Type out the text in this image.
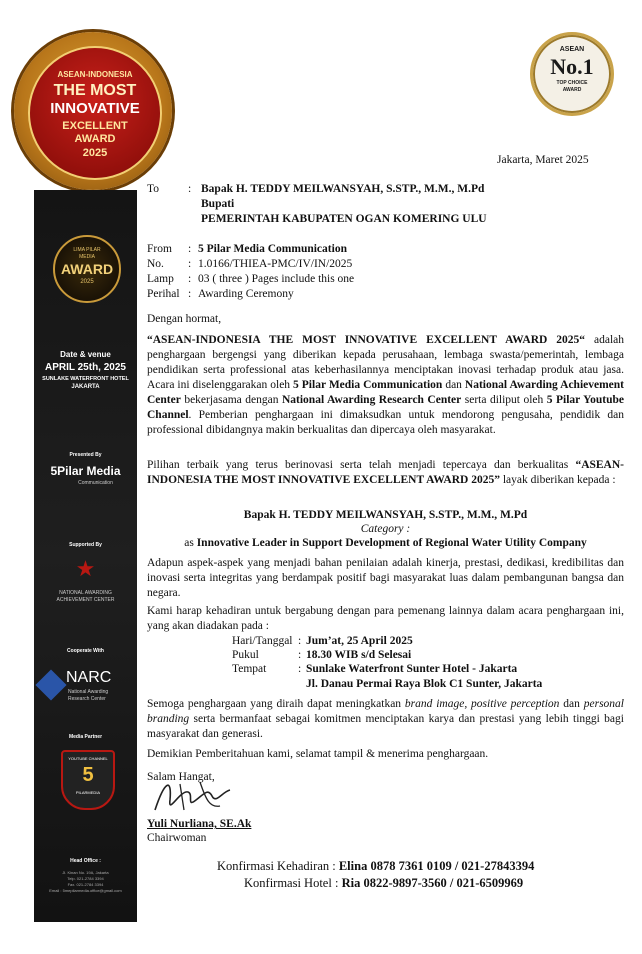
ASEAN-INDONESIA
THE MOST
INNOVATIVE
EXCELLENT
AWARD
2025
ASEAN
No.1
TOP CHOICE
AWARD
LIMA PILAR
MEDIA
AWARD
2025
Date & venue
APRIL 25th, 2025
SUNLAKE WATERFRONT HOTEL
JAKARTA
Presented By
5Pilar Media
Communication
Supported By
★
NATIONAL AWARDING
ACHIEVEMENT CENTER
Cooperate With
NARC
National Awarding
Research Center
Media Partner
YOUTUBE CHANNEL
5
PILARMEDIA
Head Office :
Jl. Kinan No. 19A, Jakarta
Telp. 021-2784 3394
Fax. 021-2784 3394
Email : 5mepilarmedia.office@gmail.com
Jakarta, Maret 2025
To	: Bapak H. TEDDY MEILWANSYAH, S.STP., M.M., M.Pd
Bupati
PEMERINTAH KABUPATEN OGAN KOMERING ULU
From : 5 Pilar Media Communication
No. : 1.0166/THIEA-PMC/IV/IN/2025
Lamp : 03 ( three ) Pages include this one
Perihal : Awarding Ceremony
Dengan hormat,
“ASEAN-INDONESIA THE MOST INNOVATIVE EXCELLENT AWARD 2025“ adalah penghargaan bergengsi yang diberikan kepada perusahaan, lembaga swasta/pemerintah, lembaga pendidikan serta professional atas keberhasilannya menciptakan inovasi terhadap produk atau jasa. Acara ini diselenggarakan oleh 5 Pilar Media Communication dan National Awarding Achievement Center bekerjasama dengan National Awarding Research Center serta diliput oleh 5 Pilar Youtube Channel. Pemberian penghargaan ini dimaksudkan untuk mendorong pengusaha, pendidik dan professional dibidangnya makin berkualitas dan dipercaya oleh masyarakat.
Pilihan terbaik yang terus berinovasi serta telah menjadi tepercaya dan berkualitas “ASEAN-INDONESIA THE MOST INNOVATIVE EXCELLENT AWARD 2025” layak diberikan kepada :
Bapak H. TEDDY MEILWANSYAH, S.STP., M.M., M.Pd
Category :
as Innovative Leader in Support Development of Regional Water Utility Company
Adapun aspek-aspek yang menjadi bahan penilaian adalah kinerja, prestasi, dedikasi, kredibilitas dan inovasi serta integritas yang berdampak positif bagi masyarakat luas dalam pembangunan bangsa dan negara.
Kami harap kehadiran untuk bergabung dengan para pemenang lainnya dalam acara penghargaan ini, yang akan diadakan pada :
Hari/Tanggal : Jum’at, 25 April 2025
Pukul	: 18.30 WIB s/d Selesai
Tempat	: Sunlake Waterfront Sunter Hotel - Jakarta
Jl. Danau Permai Raya Blok C1 Sunter, Jakarta
Semoga penghargaan yang diraih dapat meningkatkan brand image, positive perception dan personal branding serta bermanfaat sebagai komitmen menciptakan karya dan prestasi yang lebih tinggi bagi masyarakat dan generasi.
Demikian Pemberitahuan kami, selamat tampil & menerima penghargaan.
Salam Hangat,
Yuli Nurliana, SE.Ak
Chairwoman
Konfirmasi Kehadiran : Elina 0878 7361 0109 / 021-27843394
Konfirmasi Hotel : Ria 0822-9897-3560 / 021-6509969
